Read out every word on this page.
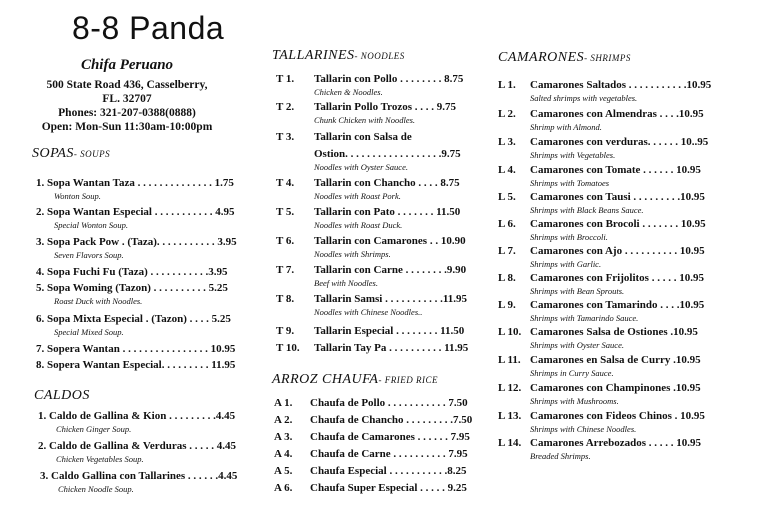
8-8 Panda
Chifa Peruano
500 State Road 436, Casselberry,
FL. 32707
Phones: 321-207-0388(0888)
Open: Mon-Sun 11:30am-10:00pm
SOPAS- SOUPS
1. Sopa Wantan Taza . . . . . . . . . . . . . . 1.75
Wonton Soup.
2. Sopa Wantan Especial . . . . . . . . . . . 4.95
Special Wonton Soup.
3. Sopa Pack Pow . (Taza). . . . . . . . . . . 3.95
Seven Flavors Soup.
4. Sopa Fuchi Fu (Taza) . . . . . . . . . . .3.95
5. Sopa Woming (Tazon) . . . . . . . . . . 5.25
Roast Duck with Noodles.
6. Sopa Mixta Especial . (Tazon) . . . . 5.25
Special Mixed Soup.
7. Sopera Wantan . . . . . . . . . . . . . . . . 10.95
8. Sopera Wantan Especial. . . . . . . . . 11.95
CALDOS
1. Caldo de Gallina & Kion . . . . . . . . .4.45
Chicken Ginger Soup.
2. Caldo de Gallina & Verduras . . . . . 4.45
Chicken Vegetables Soup.
3. Caldo Gallina con Tallarines . . . . . .4.45
Chicken Noodle Soup.
TALLARINES- NOODLES
T 1. Tallarin con Pollo . . . . . . . . 8.75
Chicken & Noodles.
T 2. Tallarin Pollo Trozos . . . . 9.75
Chunk Chicken with Noodles.
T 3. Tallarin con Salsa de
Ostion. . . . . . . . . . . . . . . . . .9.75
Noodles with Oyster Sauce.
T 4. Tallarin con Chancho . . . . 8.75
Noodles with Roast Pork.
T 5. Tallarin con Pato . . . . . . . 11.50
Noodles with Roast Duck.
T 6. Tallarin con Camarones . . 10.90
Noodles with Shrimps.
T 7. Tallarin con Carne . . . . . . . .9.90
Beef with Noodles.
T 8. Tallarin Samsi . . . . . . . . . . .11.95
Noodles with Chinese Noodles..
T 9. Tallarin Especial . . . . . . . . 11.50
T 10. Tallarin Tay Pa . . . . . . . . . . 11.95
ARROZ CHAUFA- FRIED RICE
A 1. Chaufa de Pollo . . . . . . . . . . . 7.50
A 2. Chaufa de Chancho . . . . . . . . .7.50
A 3. Chaufa de Camarones . . . . . . 7.95
A 4. Chaufa de Carne . . . . . . . . . . 7.95
A 5. Chaufa Especial . . . . . . . . . . .8.25
A 6. Chaufa Super Especial . . . . . 9.25
CAMARONES- SHRIMPS
L 1. Camarones Saltados . . . . . . . . . . .10.95
Salted shrimps with vegetables.
L 2. Camarones con Almendras . . . .10.95
Shrimp with Almond.
L 3. Camarones con verduras. . . . . . 10..95
Shrimps with Vegetables.
L 4. Camarones con Tomate . . . . . . 10.95
Shrimps with Tomatoes
L 5. Camarones con Tausi . . . . . . . . .10.95
Shrimps with Black Beans Sauce.
L 6. Camarones con Brocoli . . . . . . . 10.95
Shrimps with Broccoli.
L 7. Camarones con Ajo . . . . . . . . . . 10.95
Shrimps with Garlic.
L 8. Camarones con Frijolitos . . . . . 10.95
Shrimps with Bean Sprouts.
L 9. Camarones con Tamarindo . . . .10.95
Shrimps with Tamarindo Sauce.
L 10. Camarones Salsa de Ostiones .10.95
Shrimps with Oyster Sauce.
L 11. Camarones en Salsa de Curry .10.95
Shrimps in Curry Sauce.
L 12. Camarones con Champinones .10.95
Shrimps with Mushrooms.
L 13. Camarones con Fideos Chinos . 10.95
Shrimps with Chinese Noodles.
L 14. Camarones Arrebozados . . . . . 10.95
Breaded Shrimps.
